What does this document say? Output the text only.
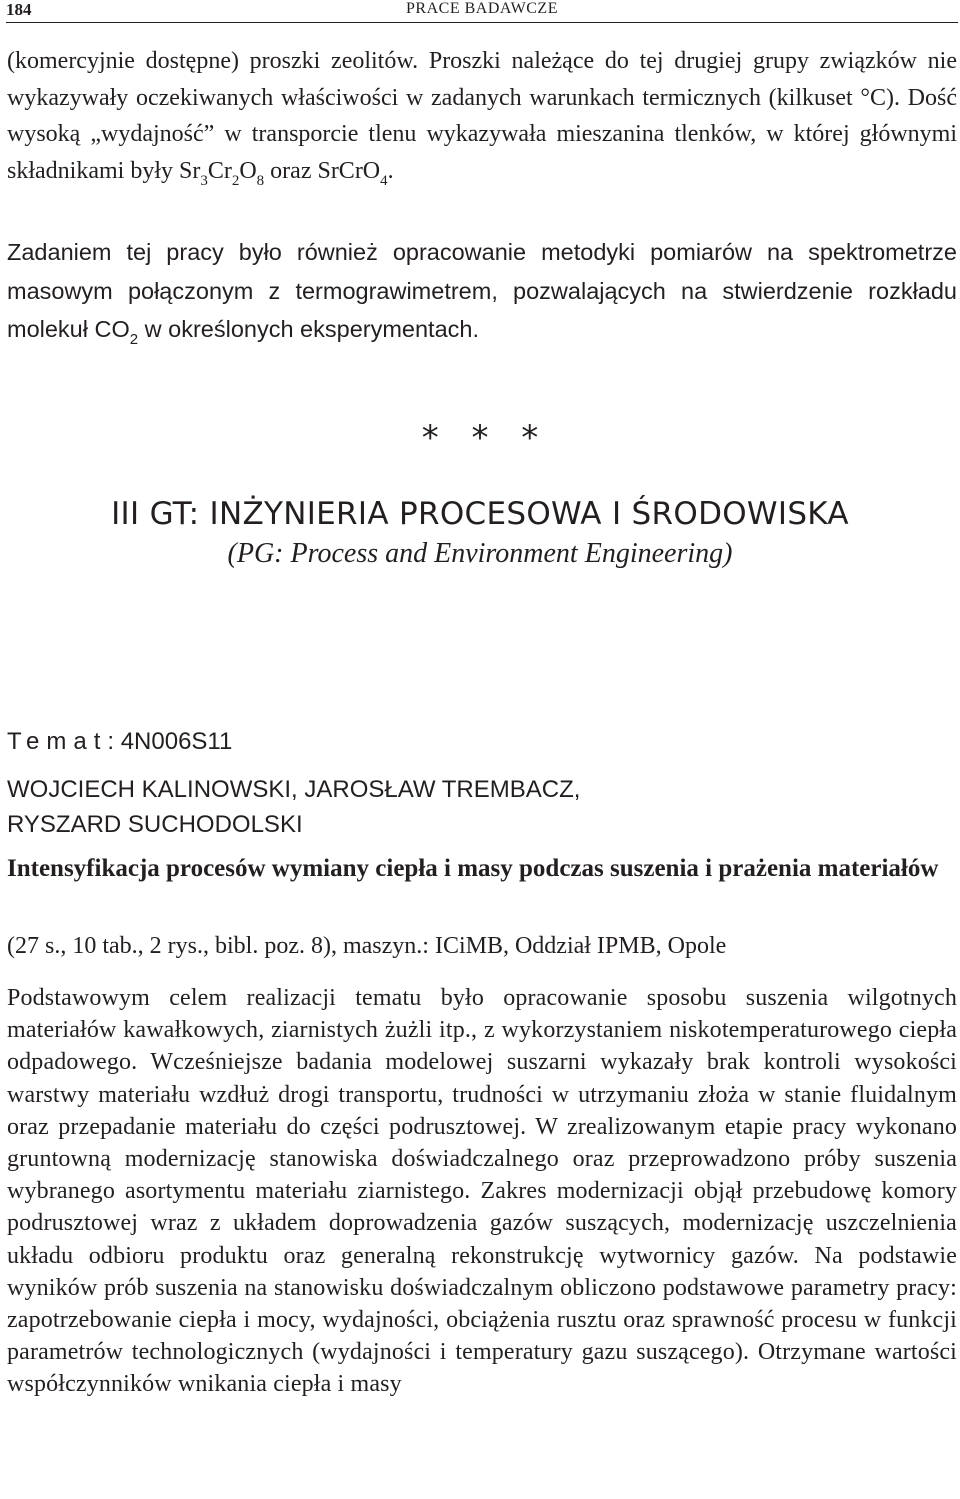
184	PRACE BADAWCZE

(komercyjnie dostępne) proszki zeolitów. Proszki należące do tej drugiej grupy związków nie wykazywały oczekiwanych właściwości w zadanych warunkach termicznych (kilkuset °C). Dość wysoką „wydajność” w transporcie tlenu wykazywała mieszanina tlenków, w której głównymi składnikami były $Sr_3Cr_2O_8$ oraz SrCrO$_4$.

Zadaniem tej pracy było również opracowanie metodyki pomiarów na spektrometrze masowym połączonym z termograwimetrem, pozwalających na stwierdzenie rozkładu molekuł $CO_2$ w określonych eksperymentach.

* * *
III GT: INŻYNIERIA PROCESOWA I ŚRODOWISKA
(PG: Process and Environment Engineering)
Temat: 4N006S11
WOJCIECH KALINOWSKI, JAROSŁAW TREMBACZ,
RYSZARD SUCHODOLSKI

Intensyfikacja procesów wymiany ciepła i masy podczas suszenia i prażenia materiałów

(27 s., 10 tab., 2 rys., bibl. poz. 8), maszyn.: ICiMB, Oddział IPMB, Opole

Podstawowym celem realizacji tematu było opracowanie sposobu suszenia wilgotnych materiałów kawałkowych, ziarnistych żużli itp., z wykorzystaniem niskotemperaturowego ciepła odpadowego. Wcześniejsze badania modelowej suszarni wykazały brak kontroli wysokości warstwy materiału wzdłuż drogi transportu, trudności w utrzymaniu złoża w stanie fluidalnym oraz przepadanie materiału do części podrusztowej. W zrealizowanym etapie pracy wykonano gruntowną modernizację stanowiska doświadczalnego oraz przeprowadzono próby suszenia wybranego asortymentu materiału ziarnistego. Zakres modernizacji objął przebudowę komory podrusztowej wraz z układem doprowadzenia gazów suszących, modernizację uszczelnienia układu odbioru produktu oraz generalną rekonstrukcję wytwornicy gazów. Na podstawie wyników prób suszenia na stanowisku doświadczalnym obliczono podstawowe parametry pracy: zapotrzebowanie ciepła i mocy, wydajności, obciążenia rusztu oraz sprawność procesu w funkcji parametrów technologicznych (wydajności i temperatury gazu suszącego). Otrzymane wartości współczynników wnikania ciepła i masy
